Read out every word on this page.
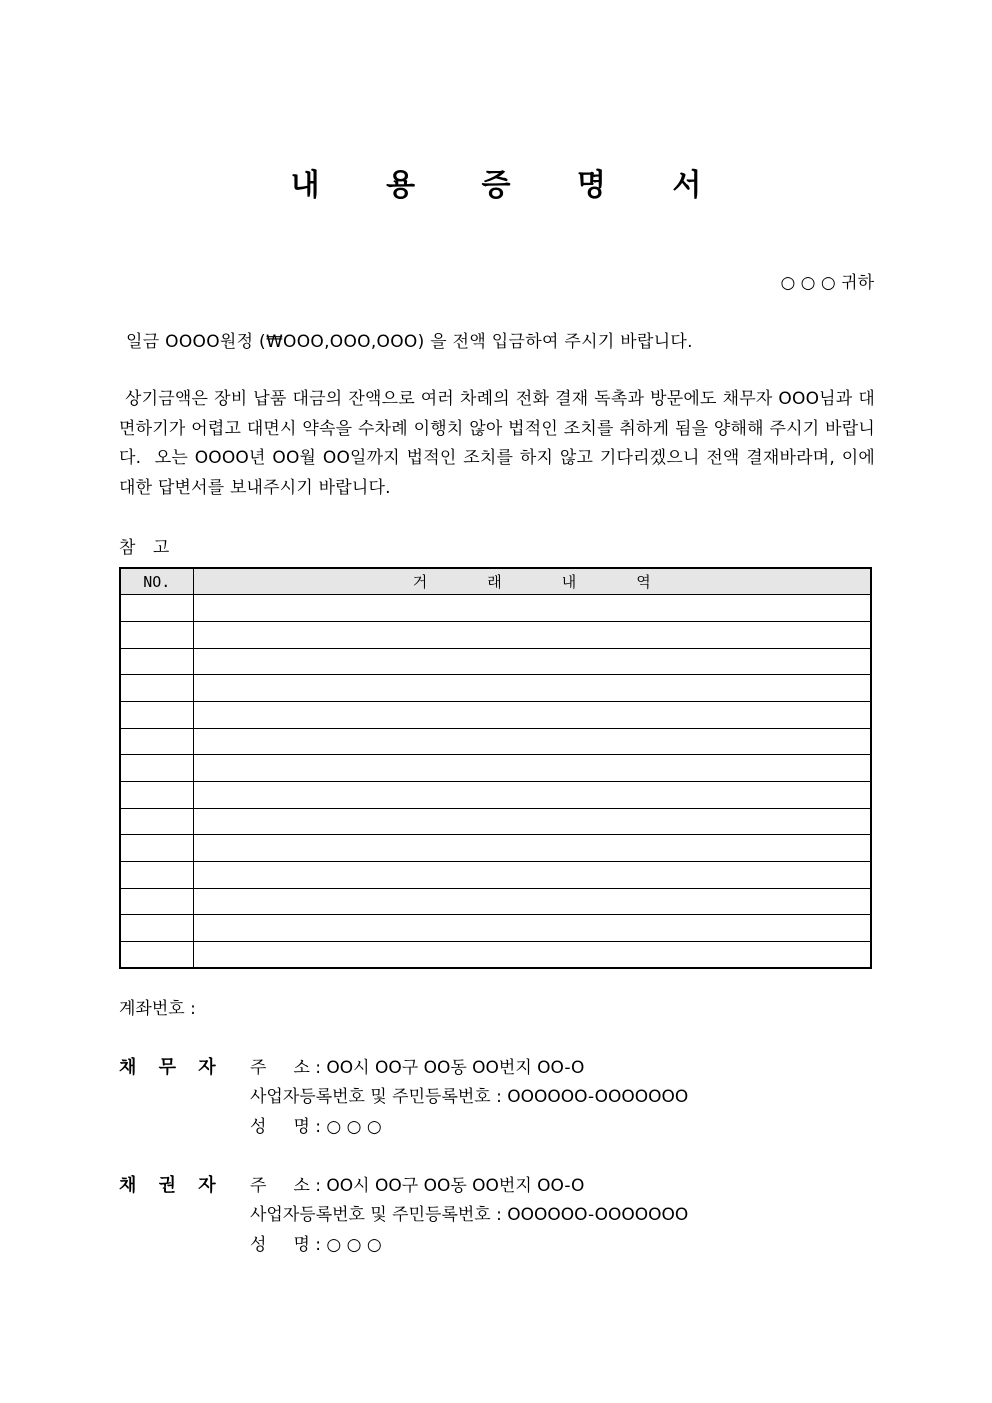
내 용 증 명 서
○ ○ ○ 귀하
일금 OOOO원정 (₩OOO,OOO,OOO) 을 전액 입금하여 주시기 바랍니다.
상기금액은 장비 납품 대금의 잔액으로 여러 차례의 전화 결재 독촉과 방문에도 채무자 OOO님과 대면하기가 어렵고 대면시 약속을 수차례 이행치 않아 법적인 조치를 취하게 됨을 양해해 주시기 바랍니다.  오는 OOOO년 OO월 OO일까지 법적인 조치를 하지 않고 기다리겠으니 전액 결재바라며, 이에 대한 답변서를 보내주시기 바랍니다.
참 고
NO.	거래내역

계좌번호 :
채 무 자 주     소 : OO시 OO구 OO동 OO번지 OO-O
사업자등록번호 및 주민등록번호 : OOOOOO-OOOOOOO
성     명 : ○ ○ ○
채 권 자 주     소 : OO시 OO구 OO동 OO번지 OO-O
사업자등록번호 및 주민등록번호 : OOOOOO-OOOOOOO
성     명 : ○ ○ ○
